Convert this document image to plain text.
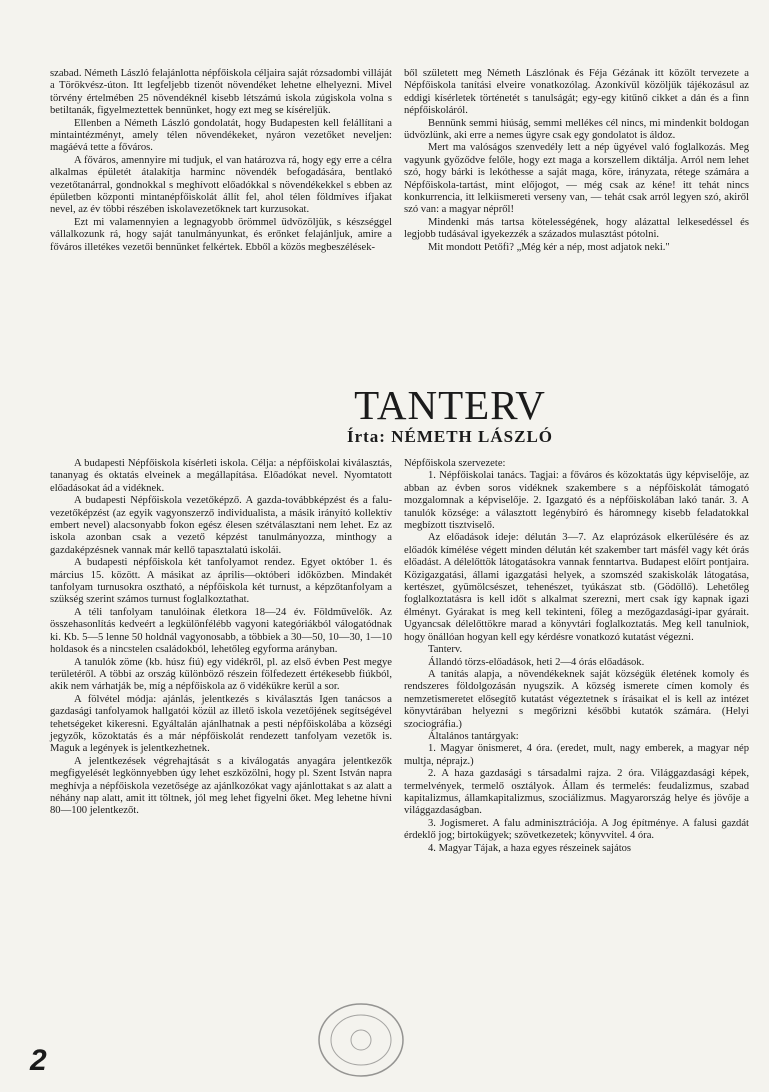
szabad. Németh László felajánlotta népfőiskola céljaira saját rózsadombi villáját a Törökvész-úton. Itt legfeljebb tizenöt növendéket lehetne elhelyezni. Mivel törvény értelmében 25 növendéknél kisebb létszámú iskola zúgiskola volna s betiltanák, figyelmeztettek bennünket, hogy ezt meg se kíséreljük.

Ellenben a Németh László gondolatát, hogy Budapesten kell felállítani a mintaintézményt, amely télen növendékeket, nyáron vezetőket neveljen: magáévá tette a főváros.

A főváros, amennyire mi tudjuk, el van határozva rá, hogy egy erre a célra alkalmas épületét átalakítja harminc növendék befogadására, bentlakó vezetőtanárral, gondnokkal s meghívott előadókkal s növendékekkel s ebben az épületben központi mintanépfőiskolát állít fel, ahol télen földmíves ifjakat nevel, az év többi részében iskolavezetőknek tart kurzusokat.

Ezt mi valamennyien a legnagyobb örömmel üdvözöljük, s készséggel vállalkozunk rá, hogy saját tanulmányunkat, és erőnket felajánljuk, amire a főváros illetékes vezetői bennünket felkértek. Ebből a közös megbeszélések-

ből született meg Németh Lászlónak és Féja Gézának itt közölt tervezete a Népfőiskola tanítási elveire vonatkozólag. Azonkívül közöljük tájékozásul az eddigi kísérletek történetét s tanulságát; egy-egy kitűnő cikket a dán és a finn népfőiskoláról.

Bennünk semmi hiúság, semmi mellékes cél nincs, mi mindenkit boldogan üdvözlünk, aki erre a nemes ügyre csak egy gondolatot is áldoz.

Mert ma valóságos szenvedély lett a nép ügyével való foglalkozás. Meg vagyunk győződve felőle, hogy ezt maga a korszellem diktálja. Arról nem lehet szó, hogy bárki is lekóthesse a saját maga, köre, irányzata, rétege számára a Népfőiskola-tartást, mint előjogot, — még csak az kéne! itt tehát nincs konkurrencia, itt lelkiismereti verseny van, — tehát csak arról legyen szó, akiről szó van: a magyar népről!

Mindenki más tartsa kötelességének, hogy alázattal lelkesedéssel és legjobb tudásával igyekezzék a százados mulasztást pótolni.

Mit mondott Petőfi? „Még kér a nép, most adjatok neki."

TANTERV
Írta: NÉMETH LÁSZLÓ

A budapesti Népfőiskola kísérleti iskola. Célja: a népfőiskolai kiválasztás, tananyag és oktatás elveinek a megállapítása. Előadókat nevel. Nyomtatott előadásokat ád a vidéknek.

A budapesti Népfőiskola vezetőképző. A gazda-továbbképzést és a falu-vezetőképzést (az egyik vagyonszerző individualista, a másik irányító kollektív embert nevel) alacsonyabb fokon egész élesen szétválasztani nem lehet. Ez az iskola azonban csak a vezető képzést tanulmányozza, minthogy a gazdaképzésnek vannak már kellő tapasztalatú iskolái.

A budapesti népfőiskola két tanfolyamot rendez. Egyet október 1. és március 15. között. A másikat az április—októberi időközben. Mindakét tanfolyam turnusokra osztható, a népfőiskola két turnust, a képzőtanfolyam a szükség szerint számos turnust foglalkoztathat.

A téli tanfolyam tanulóinak életkora 18—24 év. Földművelők. Az összehasonlítás kedveért a legkülönfélébb vagyoni kategóriákból válogatódnak ki. Kb. 5—5 lenne 50 holdnál vagyonosabb, a többiek a 30—50, 10—30, 1—10 holdasok és a nincstelen családokból, lehetőleg egyforma arányban.

A tanulók zöme (kb. húsz fiú) egy vidékről, pl. az első évben Pest megye területéről. A többi az ország különböző részein fölfedezett értékesebb fiúkból, akik nem várhatják be, míg a népfőiskola az ő vidékükre kerül a sor.

A fölvétel módja: ajánlás, jelentkezés s kiválasztás Igen tanácsos a gazdasági tanfolyamok hallgatói közül az illető iskola vezetőjének segítségével tehetségeket kikeresni. Egyáltalán ajánlhatnak a pesti népfőiskolába a községi jegyzők, közoktatás és a már népfőiskolát rendezett tanfolyam vezetők is. Maguk a legények is jelentkezhetnek.

A jelentkezések végrehajtását s a kiválogatás anyagára jelentkezők megfigyelését legkönnyebben úgy lehet eszközölni, hogy pl. Szent István napra meghívja a népfőiskola vezetősége az ajánlkozókat vagy ajánlottakat s az alatt a néhány nap alatt, amit itt töltnek, jól meg lehet figyelni őket. Meg lehetne hívni 80—100 jelentkezőt.

Népfőiskola szervezete:

1. Népfőiskolai tanács. Tagjai: a főváros és közoktatás ügy képviselője, az abban az évben soros vidéknek szakembere s a népfőiskolát támogató mozgalomnak a képviselője. 2. Igazgató és a népfőiskolában lakó tanár. 3. A tanulók községe: a választott legénybíró és háromnegy kisebb feladatokkal megbízott tisztviselő.

Az előadások ideje: délután 3—7. Az elaprózások elkerülésére és az előadók kímélése végett minden délután két szakember tart másfél vagy két órás előadást. A délelőttök látogatásokra vannak fenntartva. Budapest előírt pontjaira. Közigazgatási, állami igazgatási helyek, a szomszéd szakiskolák látogatása, kertészet, gyümölcsészet, tehenészet, tyúkászat stb. (Gödöllő). Lehetőleg foglalkoztatásra is kell időt s alkalmat szerezni, mert csak így kapnak igazi élményt. Gyárakat is meg kell tekinteni, főleg a mezőgazdasági-ipar gyárait. Ugyancsak délelőttökre marad a könyvtári foglalkoztatás. Meg kell tanulniok, hogy önállóan hogyan kell egy kérdésre vonatkozó kutatást végezni.

Tanterv.

Állandó törzs-előadások, heti 2—4 órás előadások.

A tanítás alapja, a növendékeknek saját községük életének komoly és rendszeres földolgozásán nyugszik. A község ismerete címen komoly és nemzetismeretet elősegítő kutatást végeztetnek s írásaikat el is kell az intézet könyvtárában helyezni s megőrizni későbbi kutatók számára. (Helyi szociográfia.)

Általános tantárgyak:

1. Magyar önismeret, 4 óra. (eredet, mult, nagy emberek, a magyar nép multja, néprajz.)

2. A haza gazdasági s társadalmi rajza. 2 óra. Világgazdasági képek, termelvények, termelő osztályok. Állam és termelés: feudalizmus, szabad kapitalizmus, államkapitalizmus, szociálizmus. Magyarország helye és jövője a világgazdaságban.

3. Jogismeret. A falu adminisztrációja. A Jog építménye. A falusi gazdát érdeklő jog; birtokügyek; szövetkezetek; könyvvitel. 4 óra.

4. Magyar Tájak, a haza egyes részeinek sajátos

2
